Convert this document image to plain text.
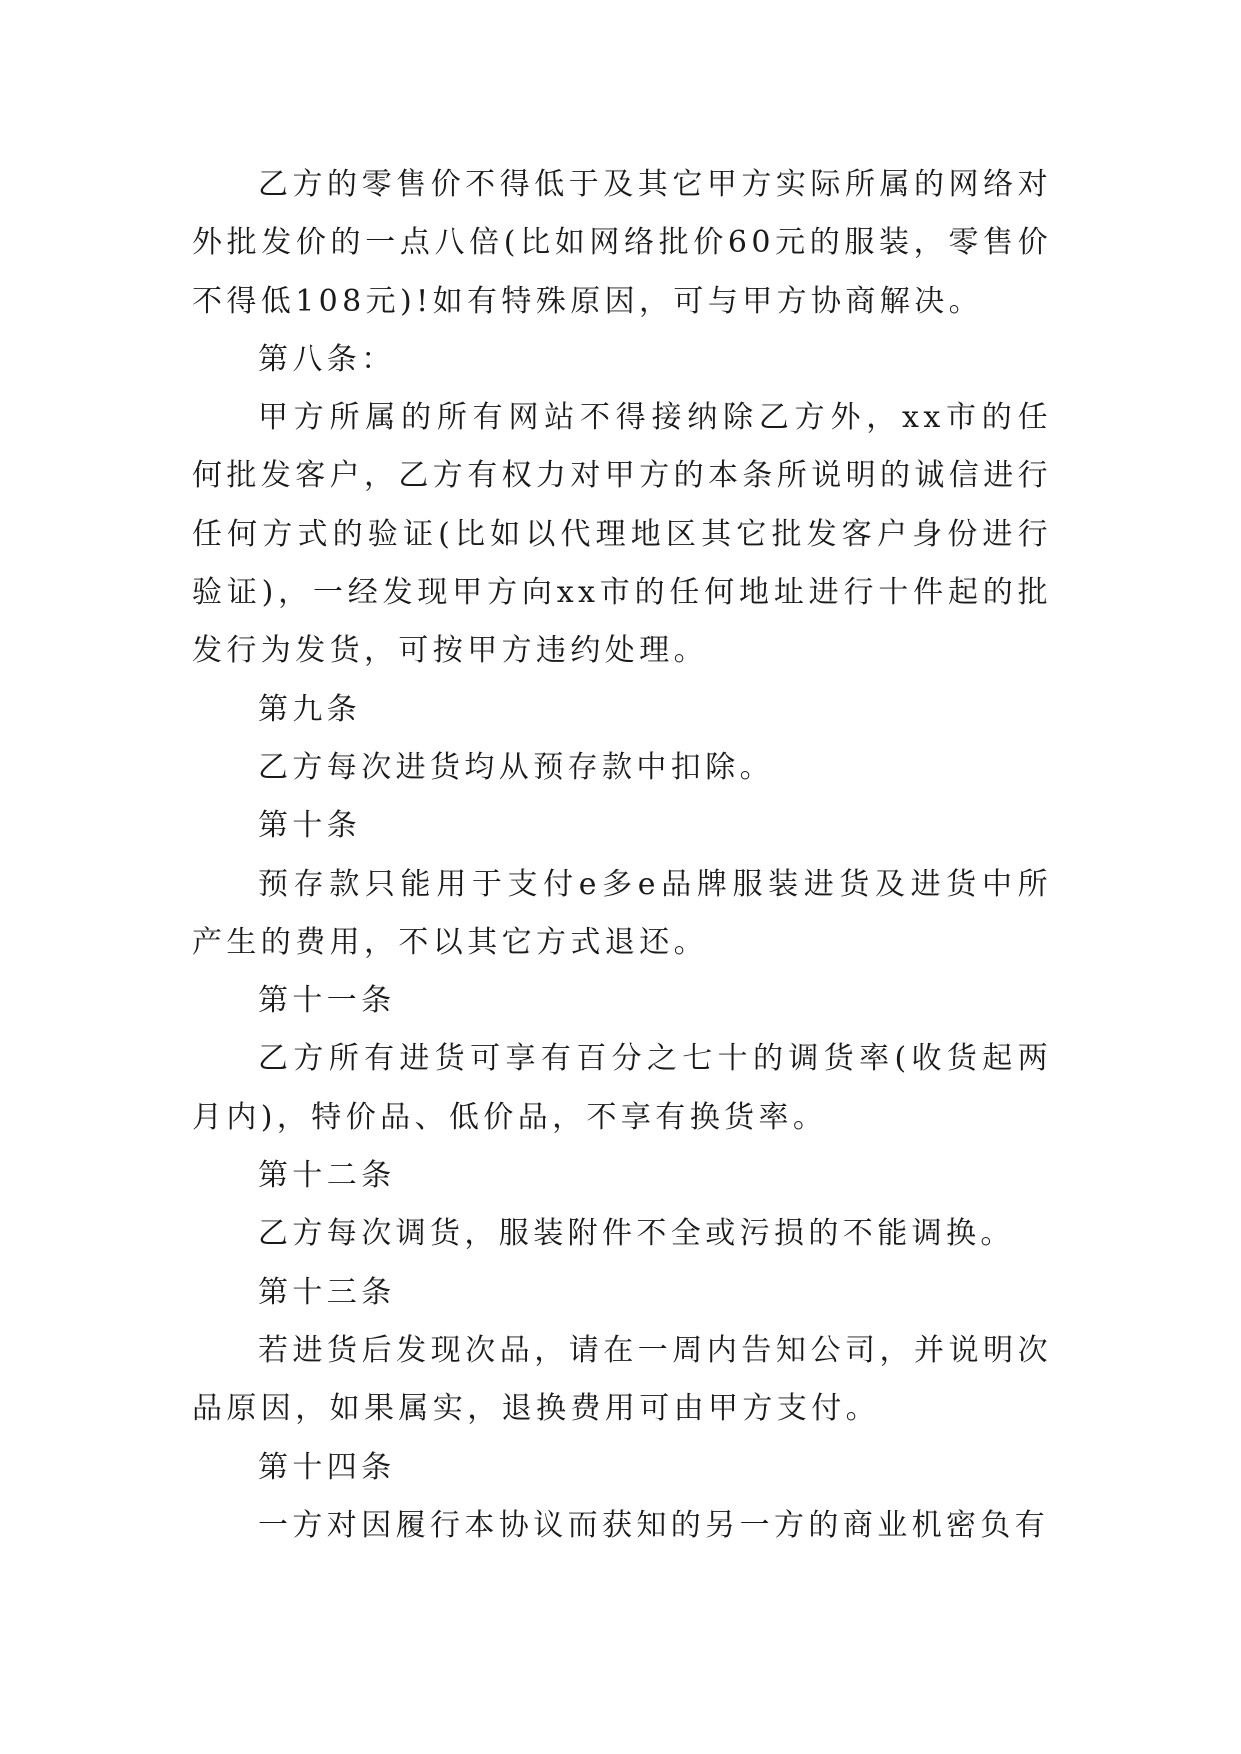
乙方的零售价不得低于及其它甲方实际所属的网络对外批发价的一点八倍(比如网络批价60元的服装，零售价不得低108元)!如有特殊原因，可与甲方协商解决。

第八条：

甲方所属的所有网站不得接纳除乙方外，xx市的任何批发客户，乙方有权力对甲方的本条所说明的诚信进行任何方式的验证(比如以代理地区其它批发客户身份进行验证)，一经发现甲方向xx市的任何地址进行十件起的批发行为发货，可按甲方违约处理。

第九条

乙方每次进货均从预存款中扣除。

第十条

预存款只能用于支付e多e品牌服装进货及进货中所产生的费用，不以其它方式退还。

第十一条

乙方所有进货可享有百分之七十的调货率(收货起两月内)，特价品、低价品，不享有换货率。

第十二条

乙方每次调货，服装附件不全或污损的不能调换。

第十三条

若进货后发现次品，请在一周内告知公司，并说明次品原因，如果属实，退换费用可由甲方支付。

第十四条

一方对因履行本协议而获知的另一方的商业机密负有
